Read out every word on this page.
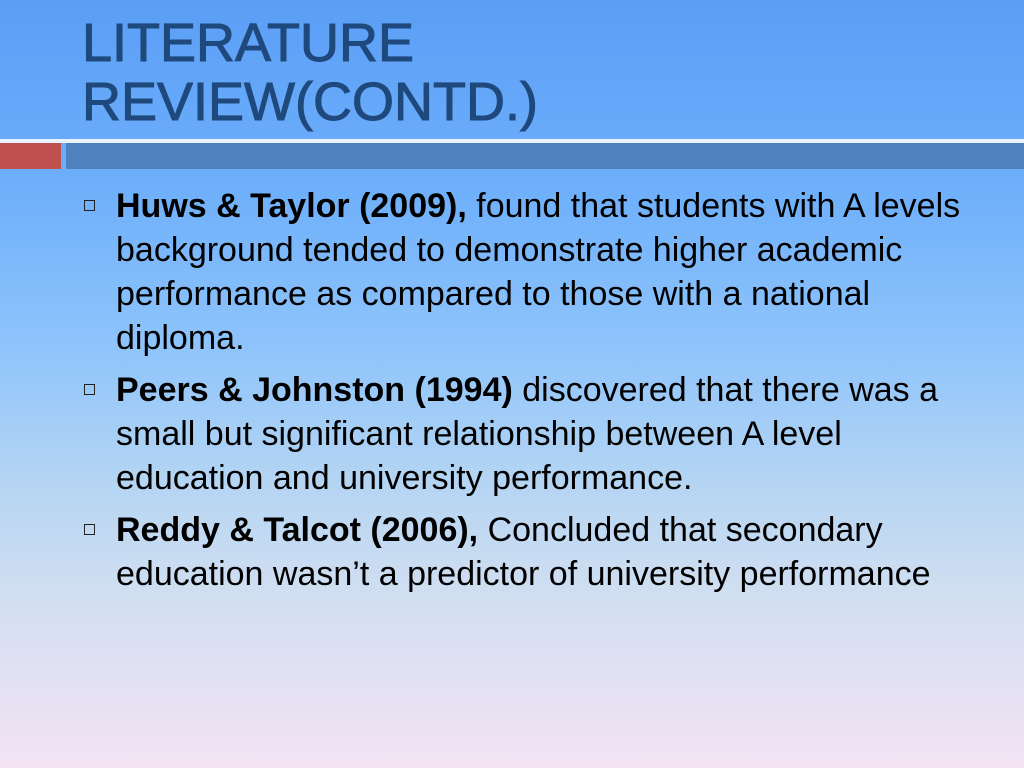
LITERATURE
REVIEW(CONTD.)
Huws & Taylor (2009), found that students with A levels background tended to demonstrate higher academic performance as compared to those with a national diploma.
Peers & Johnston (1994) discovered that there was a small but significant relationship between A level education and university performance.
Reddy & Talcot (2006), Concluded that secondary education wasn’t a predictor of university performance
